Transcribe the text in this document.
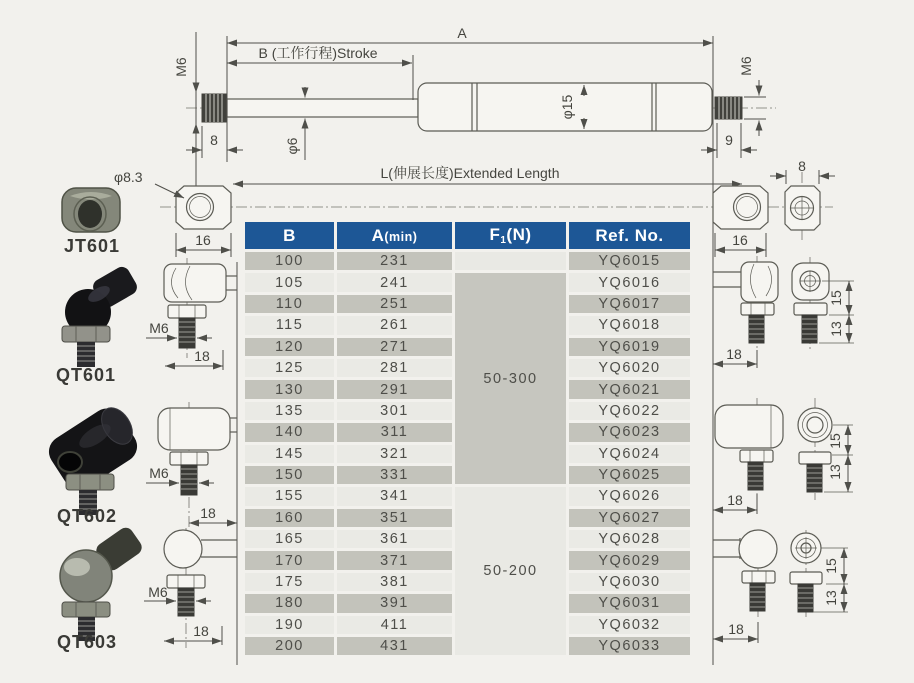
A
B (工作行程)Stroke
φ6
φ15
M6	M6
8	9
L(伸展长度)Extended Length
16
φ8.3
16
8
JT601
QT601
QT602
QT603
M6
18
M6
18
M6
18
15
13
18
15
13
18
15
13
18
B	A(min)	F1(N)	Ref. No.
100	231		YQ6015
105	241	50-300	YQ6016
110	251		YQ6017
115	261		YQ6018
120	271		YQ6019
125	281		YQ6020
130	291		YQ6021
135	301		YQ6022
140	311		YQ6023
145	321		YQ6024
150	331		YQ6025
155	341	50-200	YQ6026
160	351		YQ6027
165	361		YQ6028
170	371		YQ6029
175	381		YQ6030
180	391		YQ6031
190	411		YQ6032
200	431		YQ6033
